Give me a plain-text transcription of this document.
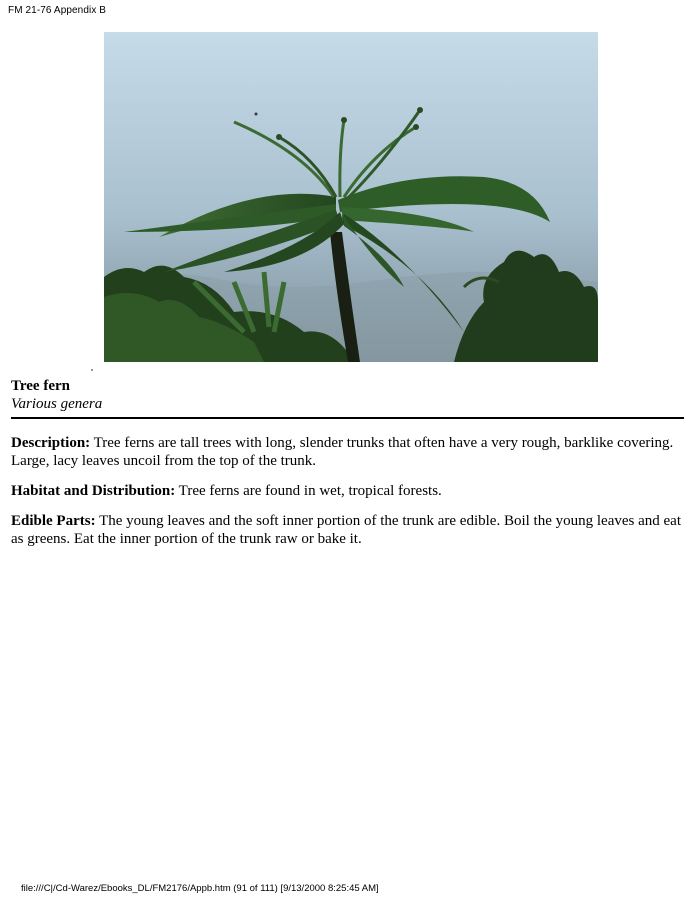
FM 21-76 Appendix B
Tree fern
Various genera

Description: Tree ferns are tall trees with long, slender trunks that often have a very rough, barklike covering. Large, lacy leaves uncoil from the top of the trunk.

Habitat and Distribution: Tree ferns are found in wet, tropical forests.

Edible Parts: The young leaves and the soft inner portion of the trunk are edible. Boil the young leaves and eat as greens. Eat the inner portion of the trunk raw or bake it.

file:///C|/Cd-Warez/Ebooks_DL/FM2176/Appb.htm (91 of 111) [9/13/2000 8:25:45 AM]
